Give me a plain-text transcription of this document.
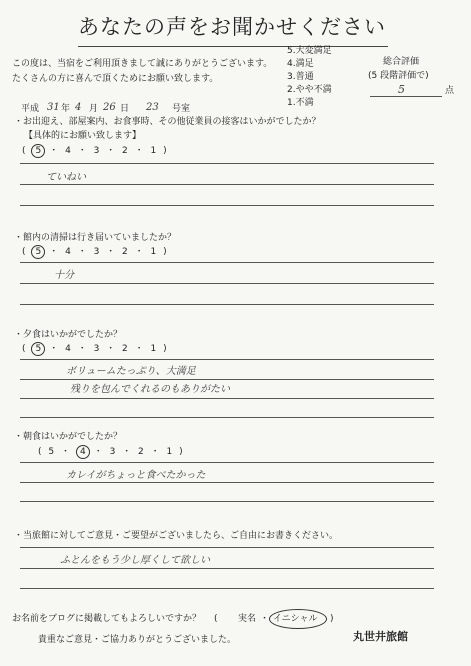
あなたの声をお聞かせください
この度は、当宿をご利用頂きまして誠にありがとうございます。
たくさんの方に喜んで頂くためにお願い致します。
5.大変満足
4.満足
3.普通
2.やや不満
1.不満
総合評価
(5 段階評価で)
5	点
平成 31 年 4 月 26 日 23 号室
・お出迎え、部屋案内、お食事時、その他従業員の接客はいかがでしたか？
【具体的にお願い致します】
( 5 ・ 4 ・ 3 ・ 2 ・ 1 )
ていねい
・館内の清掃は行き届いていましたか？
( 5 ・ 4 ・ 3 ・ 2 ・ 1 )
十分
・夕食はいかがでしたか？
( 5 ・ 4 ・ 3 ・ 2 ・ 1 )
ボリュームたっぷり、大満足
残りを包んでくれるのもありがたい
・朝食はいかがでしたか？
( 5 ・ 4 ・ 3 ・ 2 ・ 1 )
カレイがちょっと食べたかった
・当旅館に対してご意見・ご要望がございましたら、ご自由にお書きください。
ふとんをもう少し厚くして欲しい
お名前をブログに掲載してもよろしいですか？ ( 実名 ・ イニシャル )
貴重なご意見・ご協力ありがとうございました。	丸世井旅館
